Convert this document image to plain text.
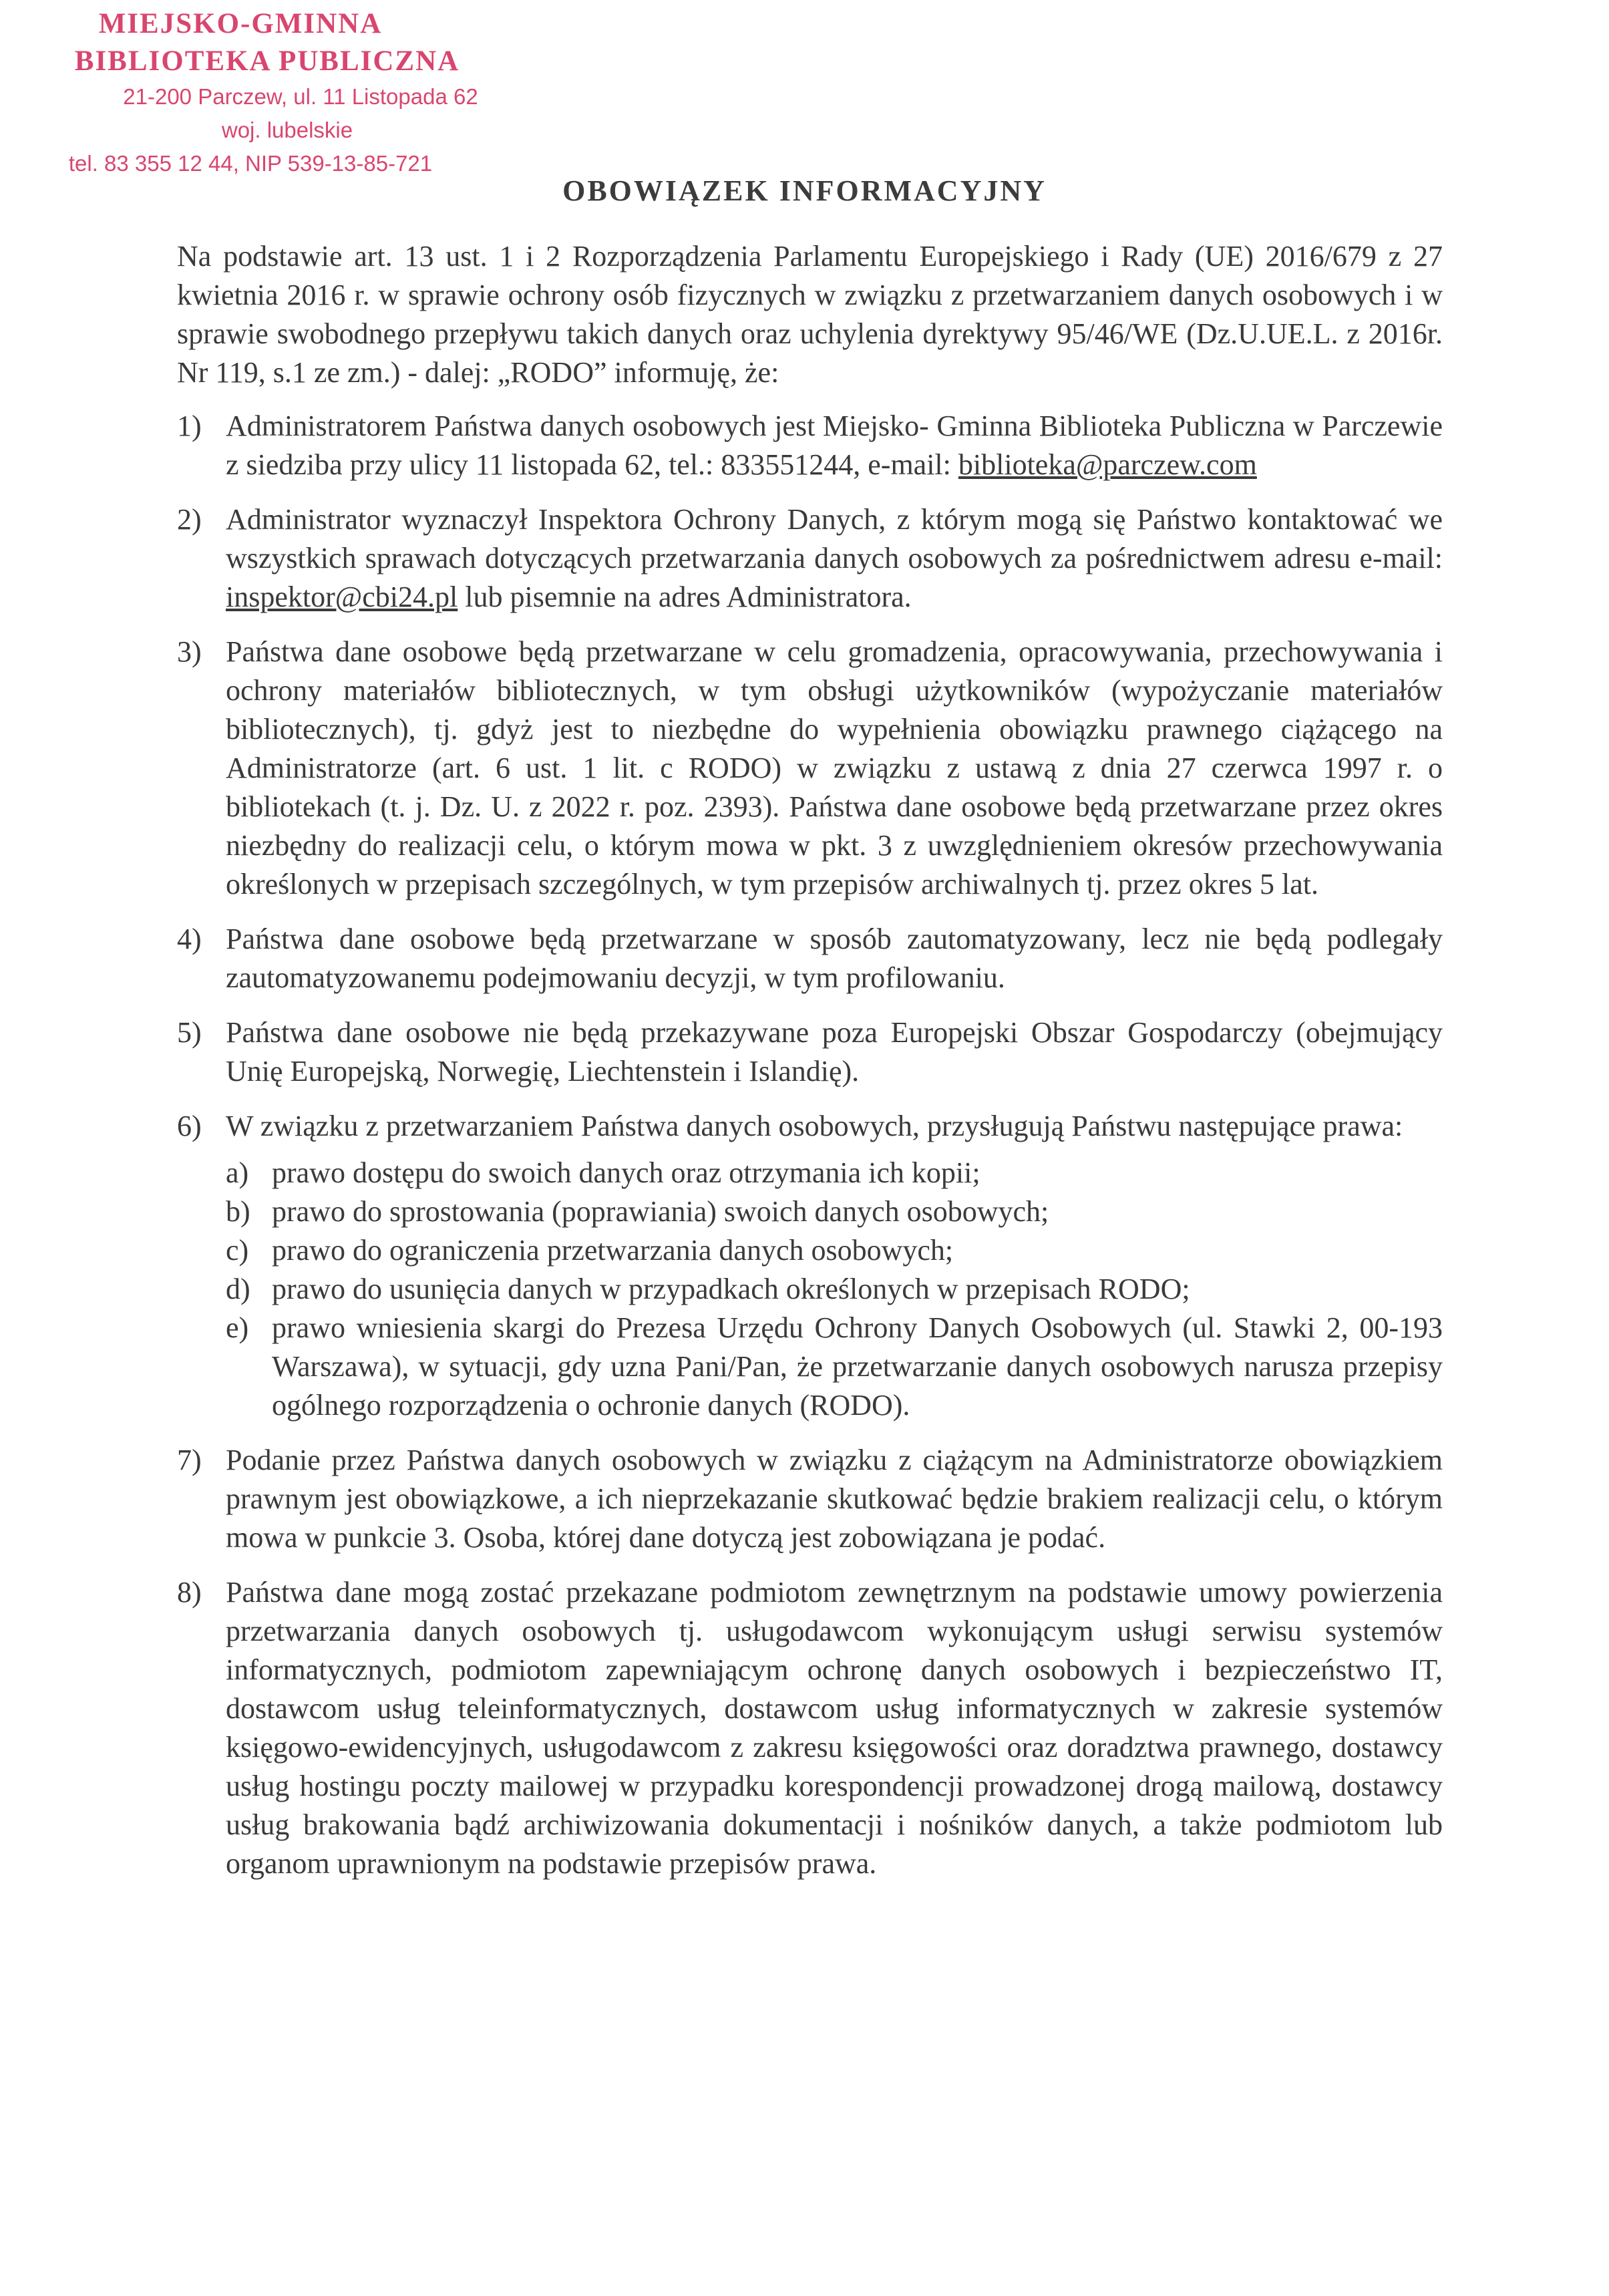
MIEJSKO-GMINNA
BIBLIOTEKA PUBLICZNA
21-200 Parczew, ul. 11 Listopada 62
woj. lubelskie
tel. 83 355 12 44, NIP 539-13-85-721
OBOWIĄZEK INFORMACYJNY

Na podstawie art. 13 ust. 1 i 2 Rozporządzenia Parlamentu Europejskiego i Rady (UE) 2016/679 z 27 kwietnia 2016 r. w sprawie ochrony osób fizycznych w związku z przetwarzaniem danych osobowych i w sprawie swobodnego przepływu takich danych oraz uchylenia dyrektywy 95/46/WE (Dz.U.UE.L. z 2016r. Nr 119, s.1 ze zm.) - dalej: „RODO” informuję, że:

1) Administratorem Państwa danych osobowych jest Miejsko- Gminna Biblioteka Publiczna w Parczewie z siedziba przy ulicy 11 listopada 62, tel.: 833551244, e-mail: biblioteka@parczew.com
2) Administrator wyznaczył Inspektora Ochrony Danych, z którym mogą się Państwo kontaktować we wszystkich sprawach dotyczących przetwarzania danych osobowych za pośrednictwem adresu e-mail: inspektor@cbi24.pl lub pisemnie na adres Administratora.
3) Państwa dane osobowe będą przetwarzane w celu gromadzenia, opracowywania, przechowywania i ochrony materiałów bibliotecznych, w tym obsługi użytkowników (wypożyczanie materiałów bibliotecznych), tj. gdyż jest to niezbędne do wypełnienia obowiązku prawnego ciążącego na Administratorze (art. 6 ust. 1 lit. c RODO) w związku z ustawą z dnia 27 czerwca 1997 r. o bibliotekach (t. j. Dz. U. z 2022 r. poz. 2393). Państwa dane osobowe będą przetwarzane przez okres niezbędny do realizacji celu, o którym mowa w pkt. 3 z uwzględnieniem okresów przechowywania określonych w przepisach szczególnych, w tym przepisów archiwalnych tj. przez okres 5 lat.
4) Państwa dane osobowe będą przetwarzane w sposób zautomatyzowany, lecz nie będą podlegały zautomatyzowanemu podejmowaniu decyzji, w tym profilowaniu.
5) Państwa dane osobowe nie będą przekazywane poza Europejski Obszar Gospodarczy (obejmujący Unię Europejską, Norwegię, Liechtenstein i Islandię).
6) W związku z przetwarzaniem Państwa danych osobowych, przysługują Państwu następujące prawa:
a) prawo dostępu do swoich danych oraz otrzymania ich kopii;
b) prawo do sprostowania (poprawiania) swoich danych osobowych;
c) prawo do ograniczenia przetwarzania danych osobowych;
d) prawo do usunięcia danych w przypadkach określonych w przepisach RODO;
e) prawo wniesienia skargi do Prezesa Urzędu Ochrony Danych Osobowych (ul. Stawki 2, 00-193 Warszawa), w sytuacji, gdy uzna Pani/Pan, że przetwarzanie danych osobowych narusza przepisy ogólnego rozporządzenia o ochronie danych (RODO).
7) Podanie przez Państwa danych osobowych w związku z ciążącym na Administratorze obowiązkiem prawnym jest obowiązkowe, a ich nieprzekazanie skutkować będzie brakiem realizacji celu, o którym mowa w punkcie 3. Osoba, której dane dotyczą jest zobowiązana je podać.
8) Państwa dane mogą zostać przekazane podmiotom zewnętrznym na podstawie umowy powierzenia przetwarzania danych osobowych tj. usługodawcom wykonującym usługi serwisu systemów informatycznych, podmiotom zapewniającym ochronę danych osobowych i bezpieczeństwo IT, dostawcom usług teleinformatycznych, dostawcom usług informatycznych w zakresie systemów księgowo-ewidencyjnych, usługodawcom z zakresu księgowości oraz doradztwa prawnego, dostawcy usług hostingu poczty mailowej w przypadku korespondencji prowadzonej drogą mailową, dostawcy usług brakowania bądź archiwizowania dokumentacji i nośników danych, a także podmiotom lub organom uprawnionym na podstawie przepisów prawa.
